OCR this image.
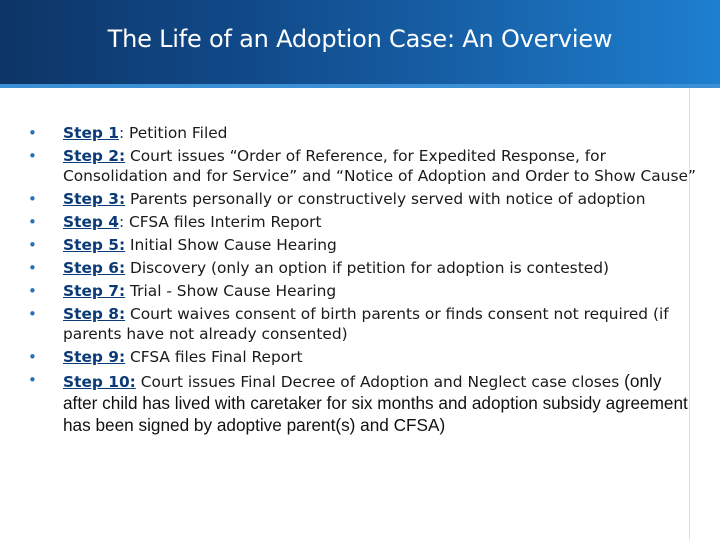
The Life of an Adoption Case: An Overview
• Step 1: Petition Filed
• Step 2: Court issues “Order of Reference, for Expedited Response, for Consolidation and for Service” and “Notice of Adoption and Order to Show Cause”
• Step 3: Parents personally or constructively served with notice of adoption
• Step 4: CFSA files Interim Report
• Step 5: Initial Show Cause Hearing
• Step 6: Discovery (only an option if petition for adoption is contested)
• Step 7: Trial - Show Cause Hearing
• Step 8: Court waives consent of birth parents or finds consent not required (if parents have not already consented)
• Step 9: CFSA files Final Report
• Step 10: Court issues Final Decree of Adoption and Neglect case closes (only after child has lived with caretaker for six months and adoption subsidy agreement has been signed by adoptive parent(s) and CFSA)
